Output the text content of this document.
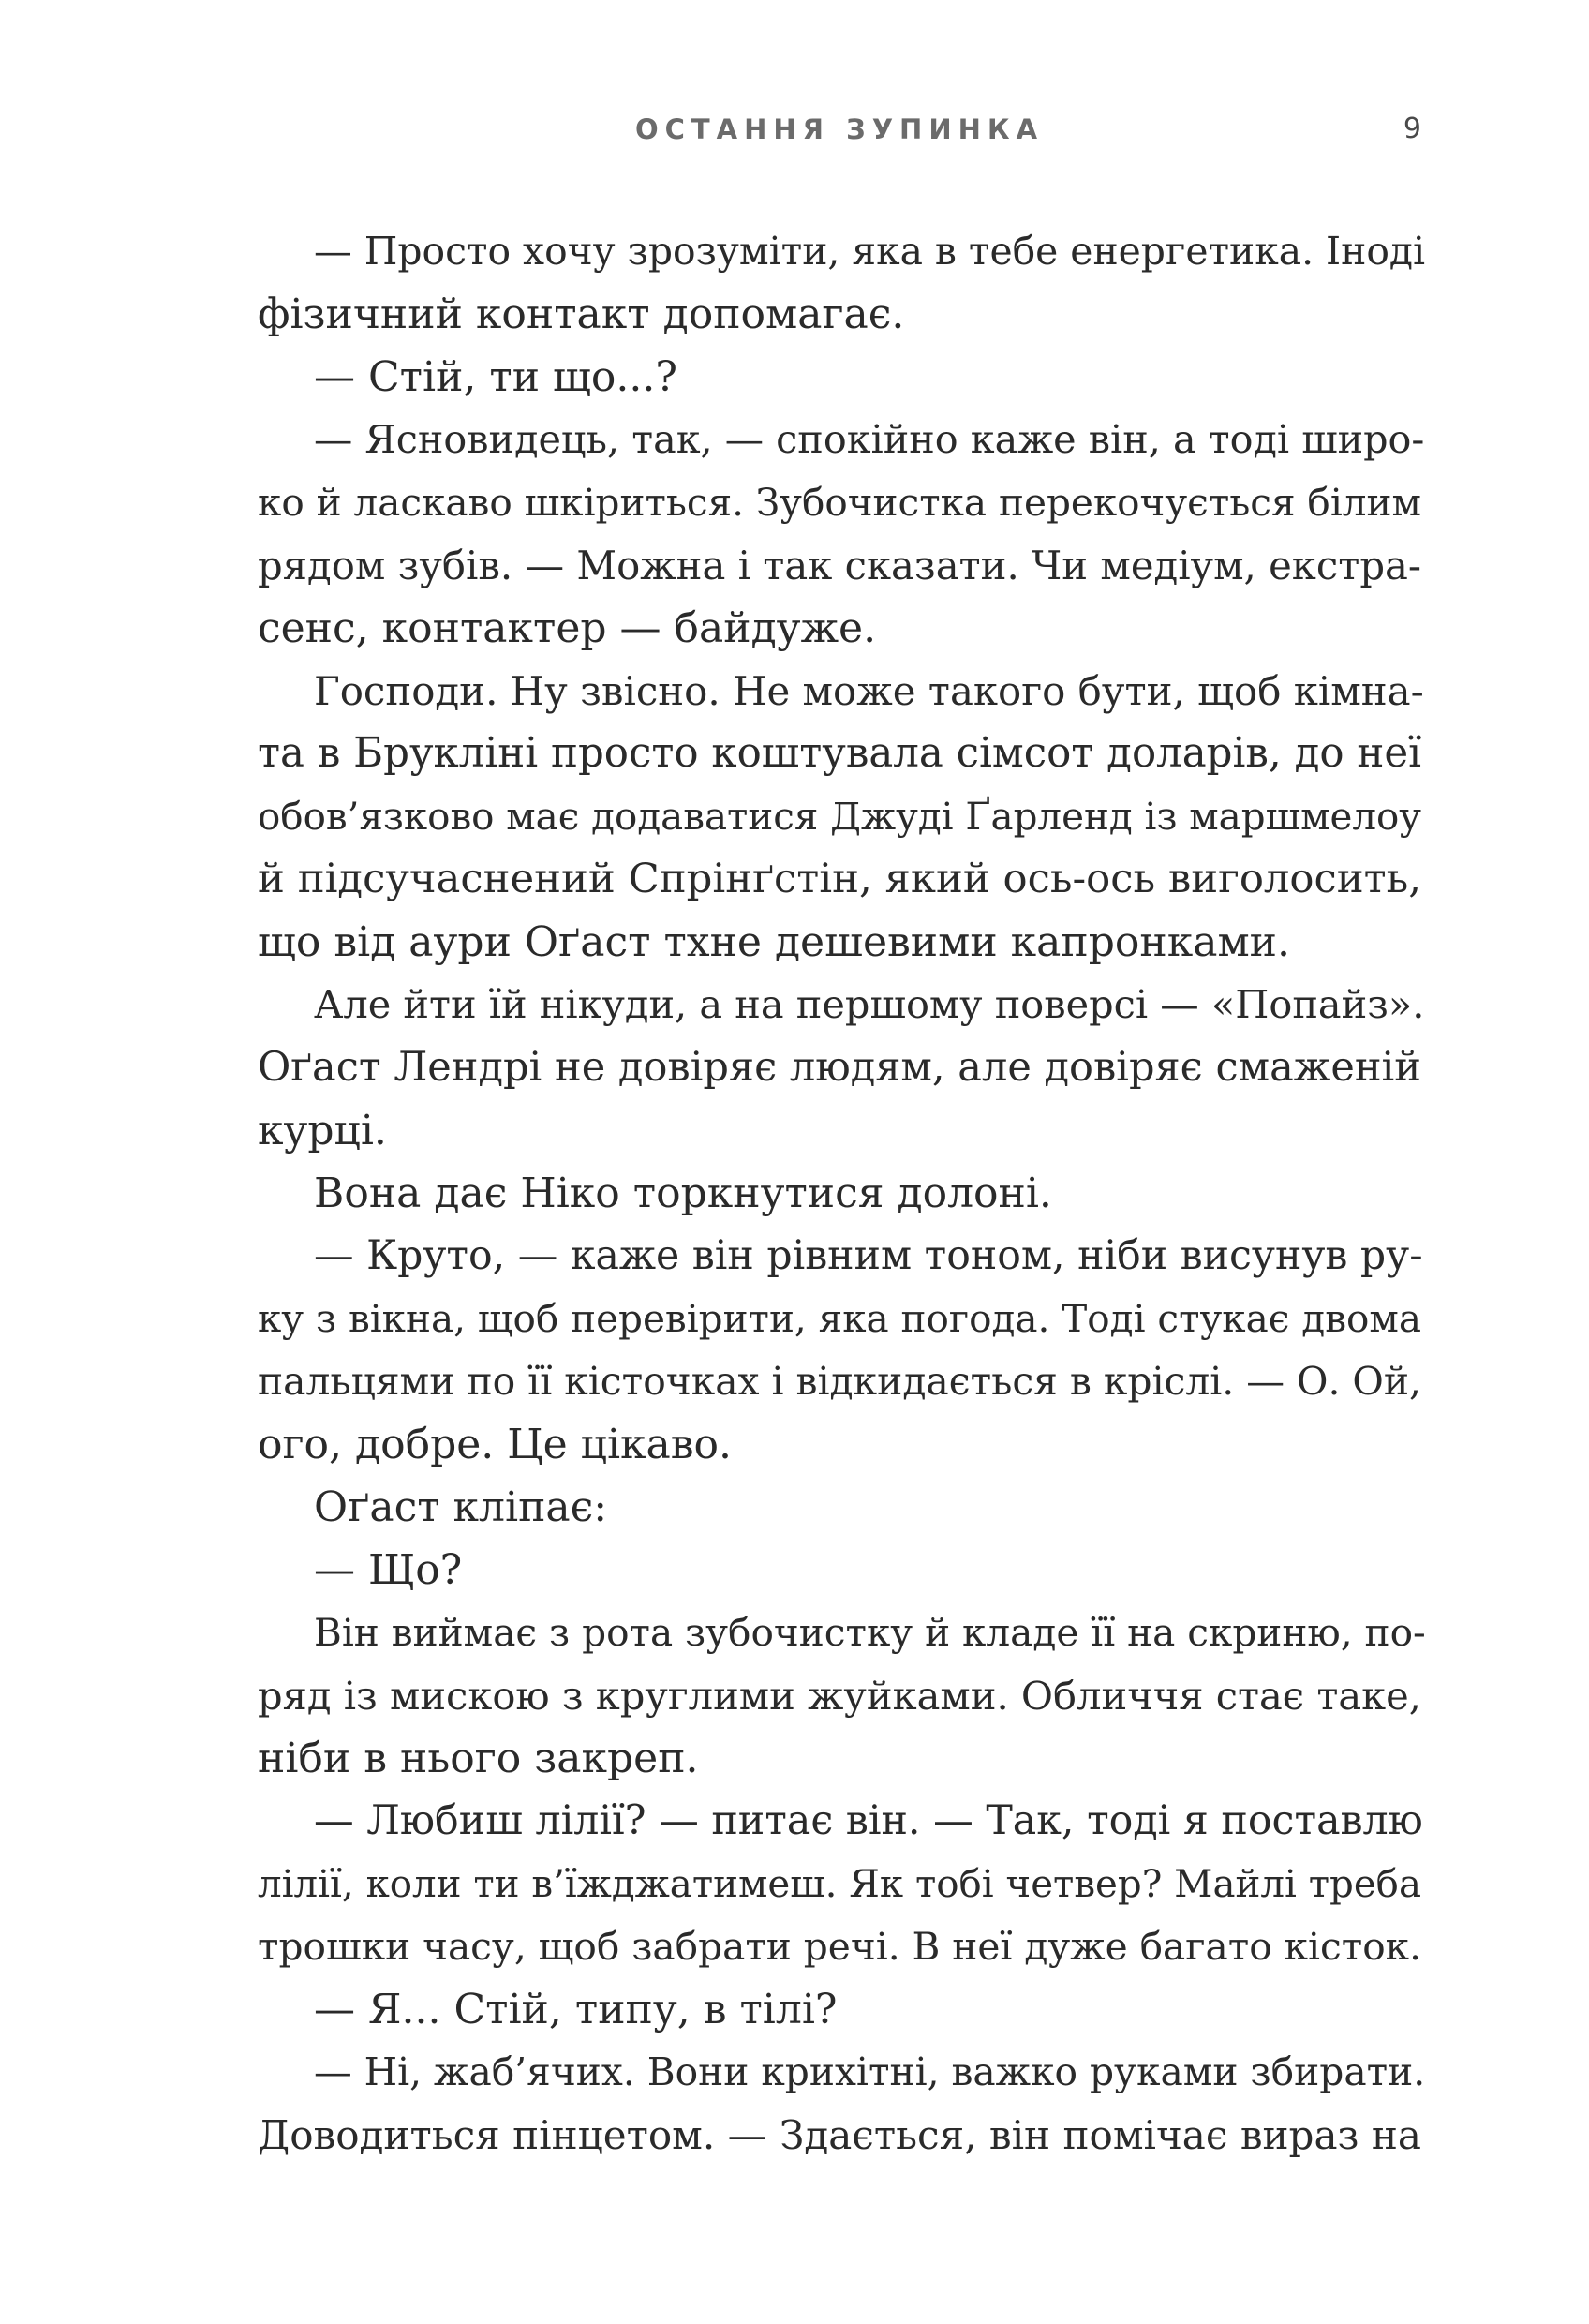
ОСТАННЯ ЗУПИНКА	9
— Просто хочу зрозуміти, яка в тебе енергетика. Іноді
фізичний контакт допомагає.
— Стій, ти що...?
— Ясновидець, так, — спокійно каже він, а тоді широ-
ко й ласкаво шкіриться. Зубочистка перекочується білим
рядом зубів. — Можна і так сказати. Чи медіум, екстра-
сенс, контактер — байдуже.
Господи. Ну звісно. Не може такого бути, щоб кімна-
та в Брукліні просто коштувала сімсот доларів, до неї
обов’язково має додаватися Джуді Ґарленд із маршмелоу
й підсучаснений Спрінґстін, який ось-ось виголосить,
що від аури Оґаст тхне дешевими капронками.
Але йти їй нікуди, а на першому поверсі — «Попайз».
Оґаст Лендрі не довіряє людям, але довіряє смаженій
курці.
Вона дає Ніко торкнутися долоні.
— Круто, — каже він рівним тоном, ніби висунув ру-
ку з вікна, щоб перевірити, яка погода. Тоді стукає двома
пальцями по її кісточках і відкидається в кріслі. — О. Ой,
ого, добре. Це цікаво.
Оґаст кліпає:
— Що?
Він виймає з рота зубочистку й кладе її на скриню, по-
ряд із мискою з круглими жуйками. Обличчя стає таке,
ніби в нього закреп.
— Любиш лілії? — питає він. — Так, тоді я поставлю
лілії, коли ти в’їжджатимеш. Як тобі четвер? Майлі треба
трошки часу, щоб забрати речі. В неї дуже багато кісток.
— Я... Стій, типу, в тілі?
— Ні, жаб’ячих. Вони крихітні, важко руками збирати.
Доводиться пінцетом. — Здається, він помічає вираз на
